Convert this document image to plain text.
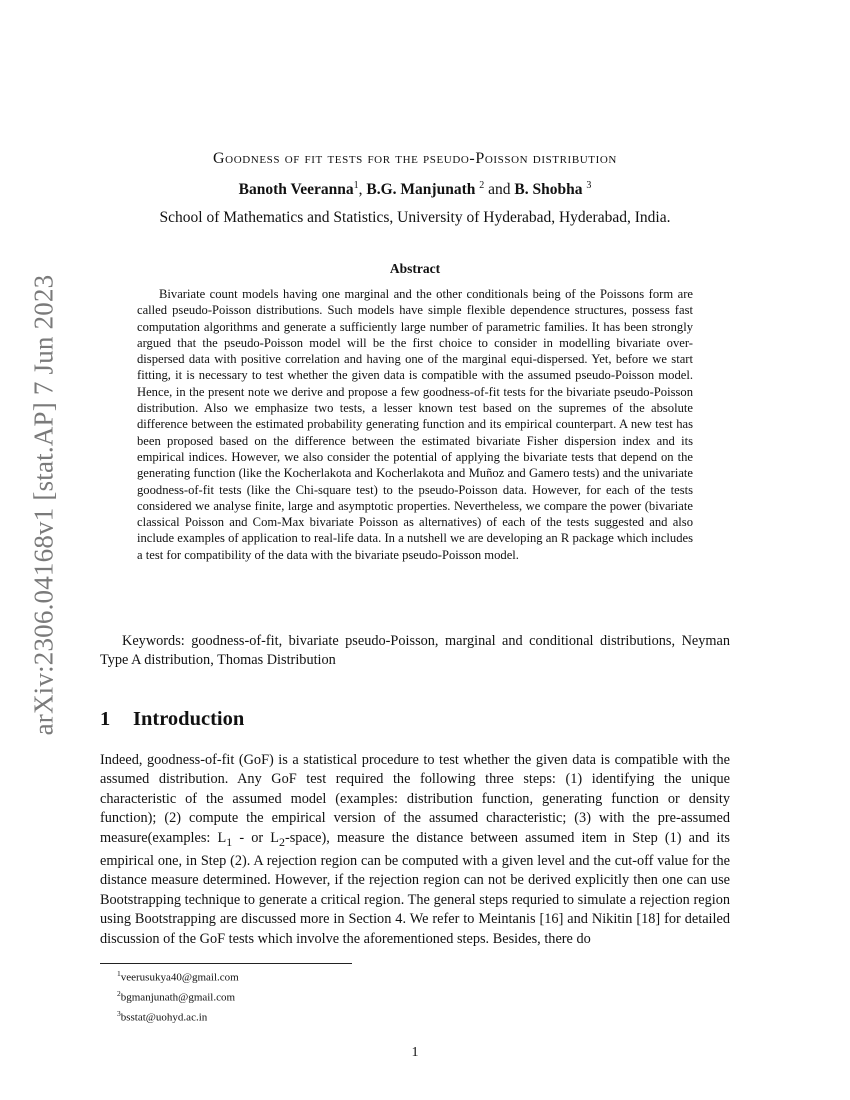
arXiv:2306.04168v1 [stat.AP] 7 Jun 2023
Goodness of fit tests for the pseudo-Poisson distribution
Banoth Veeranna$^1$, B.G. Manjunath $^2$ and B. Shobha $^3$
School of Mathematics and Statistics, University of Hyderabad, Hyderabad, India.
Abstract
Bivariate count models having one marginal and the other conditionals being of the Poissons form are called pseudo-Poisson distributions. Such models have simple flexible dependence structures, possess fast computation algorithms and generate a sufficiently large number of parametric families. It has been strongly argued that the pseudo-Poisson model will be the first choice to consider in modelling bivariate over-dispersed data with positive correlation and having one of the marginal equi-dispersed. Yet, before we start fitting, it is necessary to test whether the given data is compatible with the assumed pseudo-Poisson model. Hence, in the present note we derive and propose a few goodness-of-fit tests for the bivariate pseudo-Poisson distribution. Also we emphasize two tests, a lesser known test based on the supremes of the absolute difference between the estimated probability generating function and its empirical counterpart. A new test has been proposed based on the difference between the estimated bivariate Fisher dispersion index and its empirical indices. However, we also consider the potential of applying the bivariate tests that depend on the generating function (like the Kocherlakota and Kocherlakota and Muñoz and Gamero tests) and the univariate goodness-of-fit tests (like the Chi-square test) to the pseudo-Poisson data. However, for each of the tests considered we analyse finite, large and asymptotic properties. Nevertheless, we compare the power (bivariate classical Poisson and Com-Max bivariate Poisson as alternatives) of each of the tests suggested and also include examples of application to real-life data. In a nutshell we are developing an R package which includes a test for compatibility of the data with the bivariate pseudo-Poisson model.
Keywords: goodness-of-fit, bivariate pseudo-Poisson, marginal and conditional distributions, Neyman Type A distribution, Thomas Distribution
1 Introduction
Indeed, goodness-of-fit (GoF) is a statistical procedure to test whether the given data is compatible with the assumed distribution. Any GoF test required the following three steps: (1) identifying the unique characteristic of the assumed model (examples: distribution function, generating function or density function); (2) compute the empirical version of the assumed characteristic; (3) with the pre-assumed measure(examples: $L_1$ - or $L_2-space$), measure the distance between assumed item in Step (1) and its empirical one, in Step (2). A rejection region can be computed with a given level and the cut-off value for the distance measure determined. However, if the rejection region can not be derived explicitly then one can use Bootstrapping technique to generate a critical region. The general steps requried to simulate a rejection region using Bootstrapping are discussed more in Section 4. We refer to Meintanis [16] and Nikitin [18] for detailed discussion of the GoF tests which involve the aforementioned steps. Besides, there do
$^1$veerusukya40@gmail.com
$^2$bgmanjunath@gmail.com
$^3$bsstat@uohyd.ac.in
1
